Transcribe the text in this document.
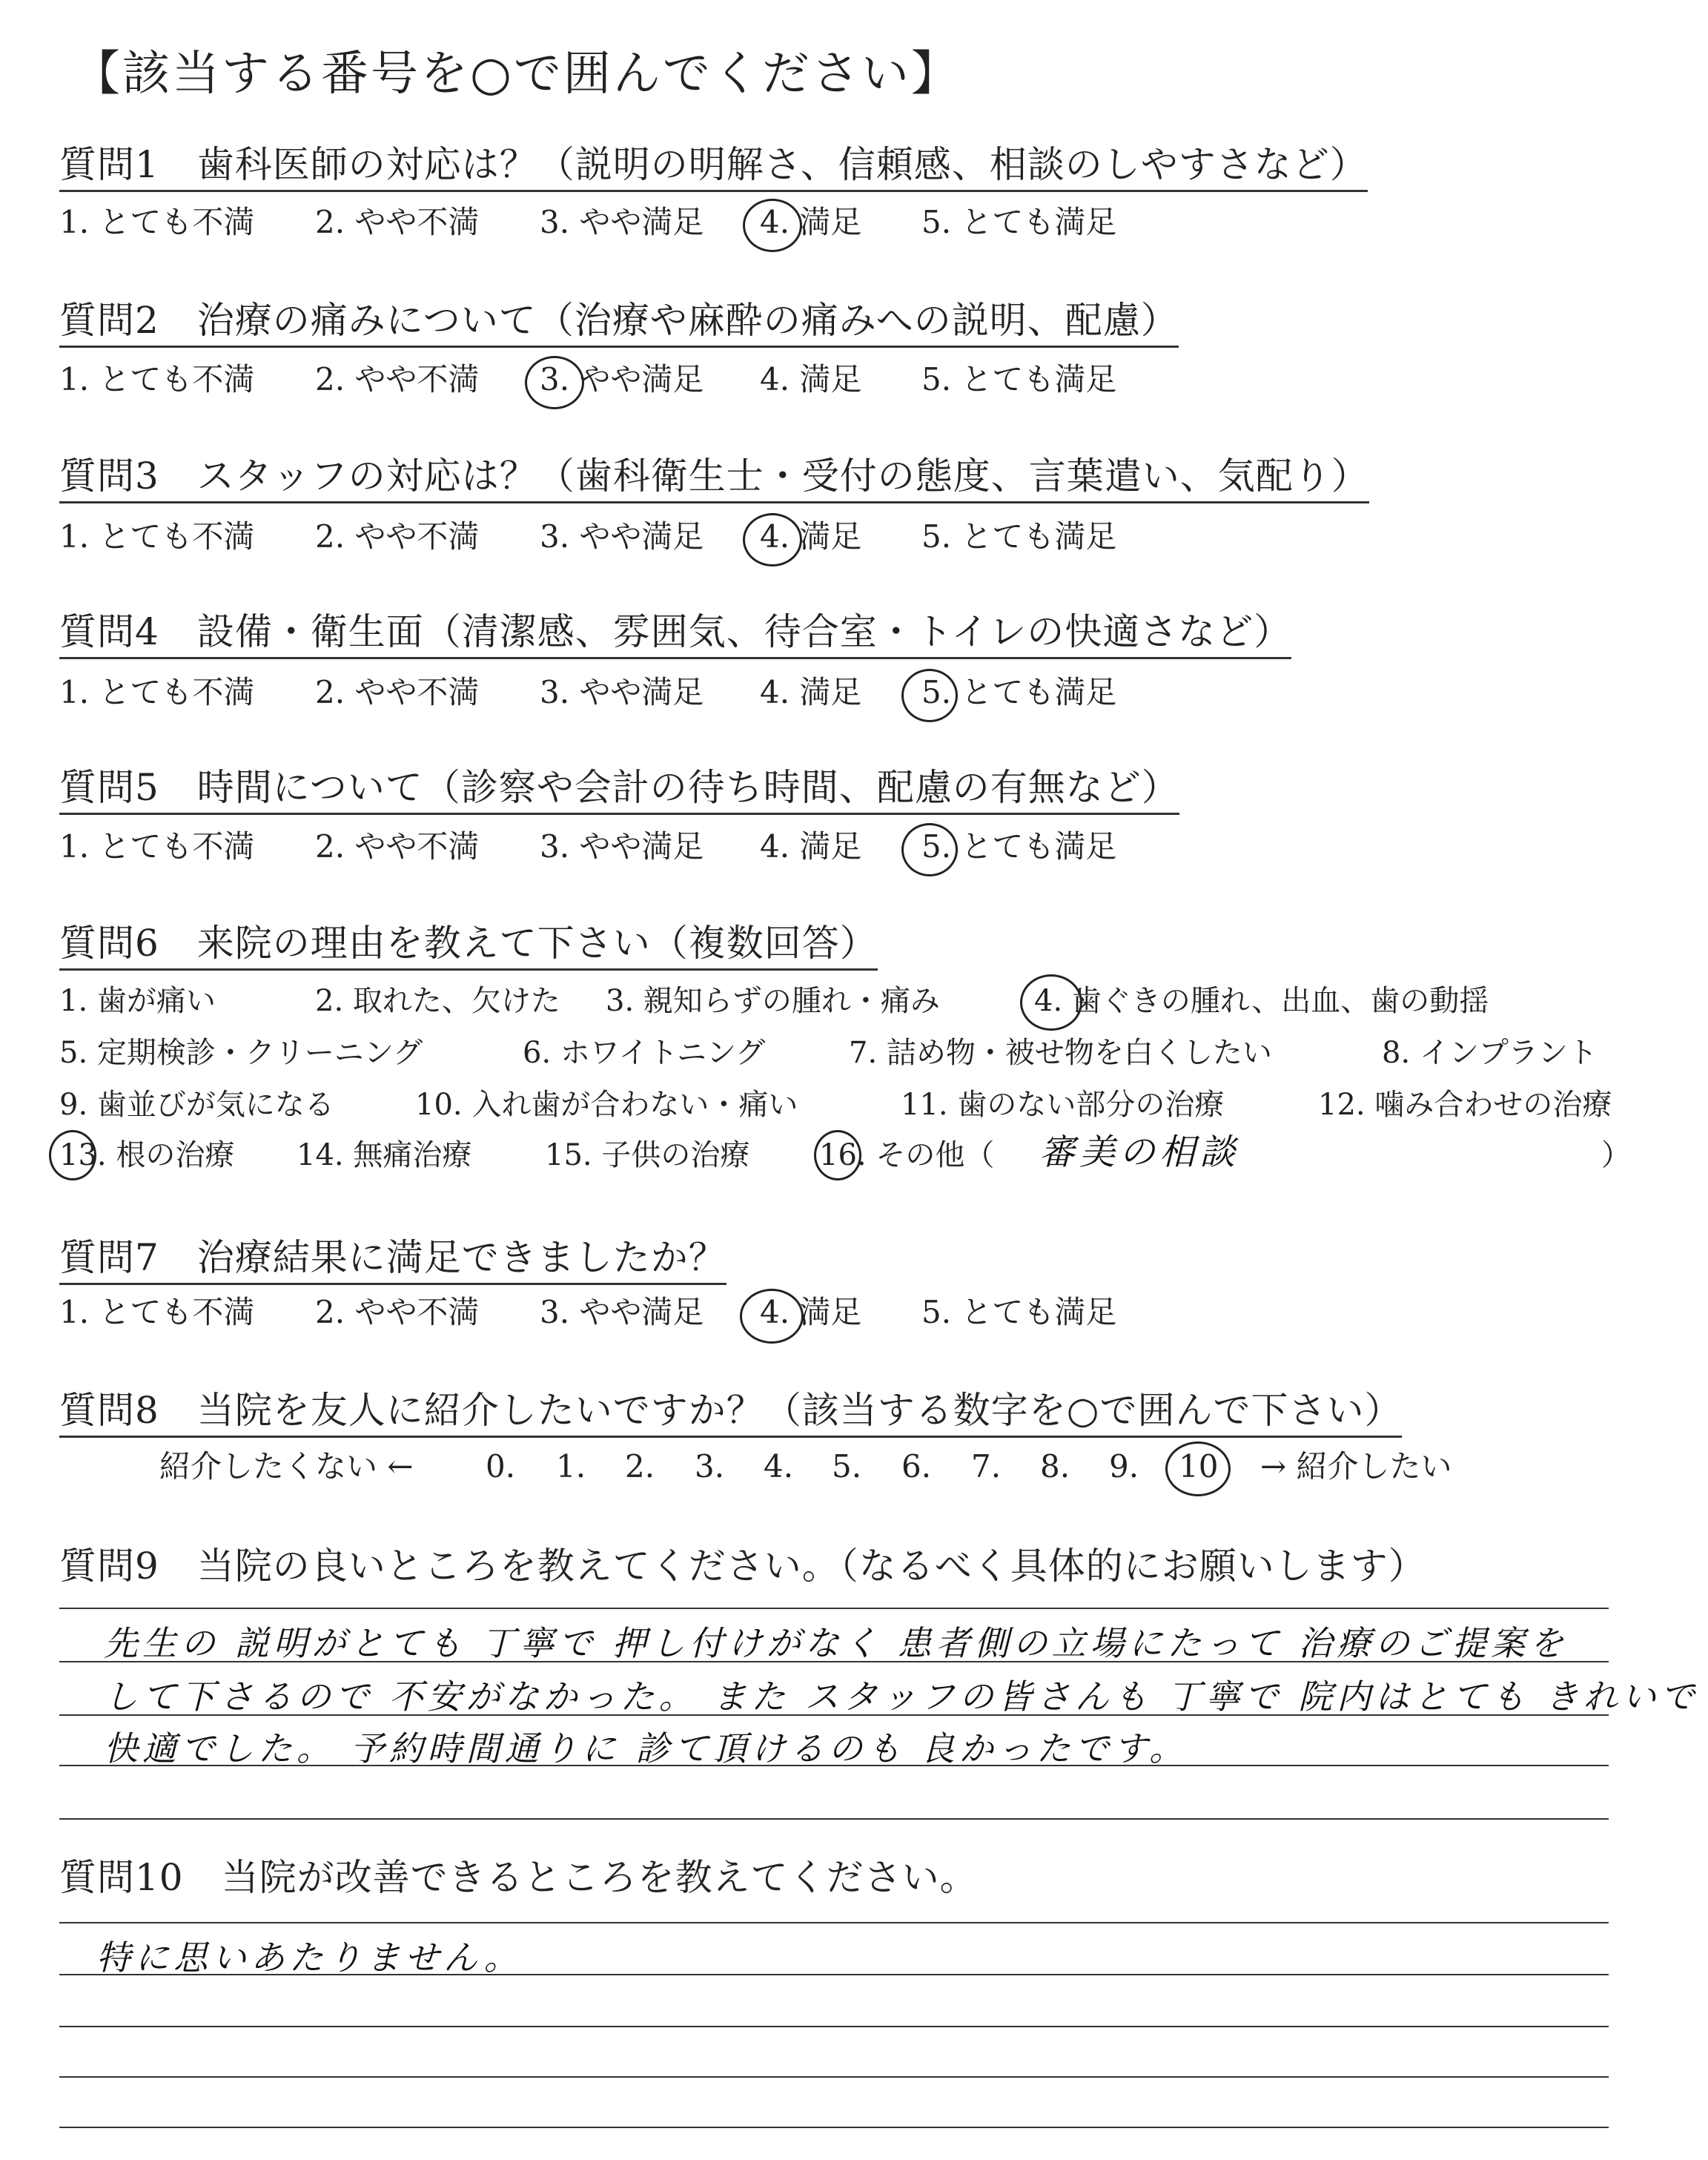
【該当する番号を○で囲んでください】
質問1　歯科医師の対応は？（説明の明解さ、信頼感、相談のしやすさなど）
1. とても不満 2. やや不満 3. やや満足 4. 満足 5. とても満足
質問2　治療の痛みについて（治療や麻酔の痛みへの説明、配慮）
1. とても不満 2. やや不満 3. やや満足 4. 満足 5. とても満足
質問3　スタッフの対応は？（歯科衛生士・受付の態度、言葉遣い、気配り）
1. とても不満 2. やや不満 3. やや満足 4. 満足 5. とても満足
質問4　設備・衛生面（清潔感、雰囲気、待合室・トイレの快適さなど）
1. とても不満 2. やや不満 3. やや満足 4. 満足 5. とても満足
質問5　時間について（診察や会計の待ち時間、配慮の有無など）
1. とても不満 2. やや不満 3. やや満足 4. 満足 5. とても満足
質問6　来院の理由を教えて下さい（複数回答）
1. 歯が痛い	2. 取れた、欠けた 3. 親知らずの腫れ・痛み	4. 歯ぐきの腫れ、出血、歯の動揺
5. 定期検診・クリーニング	6. ホワイトニング	7. 詰め物・被せ物を白くしたい	8. インプラント
9. 歯並びが気になる	10. 入れ歯が合わない・痛い	11. 歯のない部分の治療	12. 噛み合わせの治療
13. 根の治療 14. 無痛治療 15. 子供の治療 16. その他（ 審美の相談	）
質問7　治療結果に満足できましたか？
1. とても不満 2. やや不満 3. やや満足 4. 満足 5. とても満足
質問8　当院を友人に紹介したいですか？（該当する数字を○で囲んで下さい）
紹介したくない ← 0. 1. 2. 3. 4. 5. 6. 7. 8. 9. 10 → 紹介したい
質問9　当院の良いところを教えてください。（なるべく具体的にお願いします）
先生の 説明がとても 丁寧で 押し付けがなく 患者側の立場にたって 治療のご提案を
して下さるので 不安がなかった。 また スタッフの皆さんも 丁寧で 院内はとても きれいで
快適でした。 予約時間通りに 診て頂けるのも 良かったです。
質問10　当院が改善できるところを教えてください。
特に思いあたりません。
